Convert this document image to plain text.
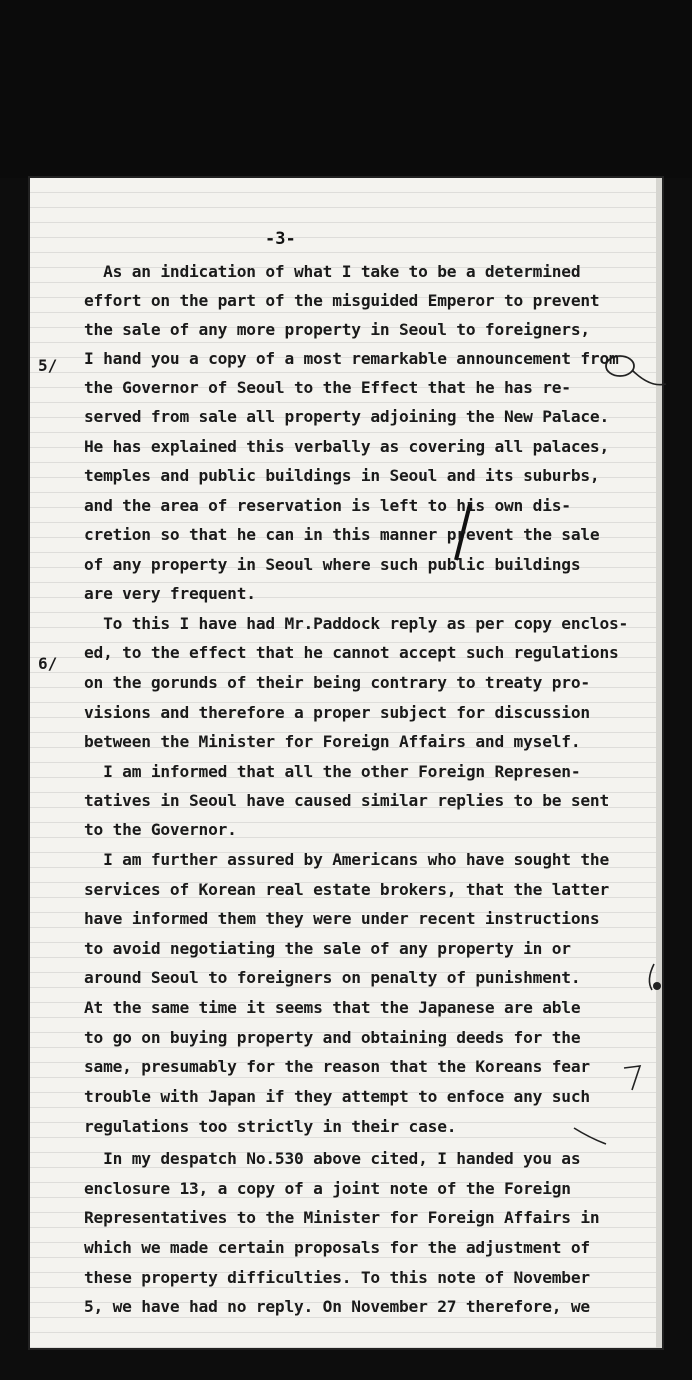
-3-
5/
6/
As an indication of what I take to be a determined
effort on the part of the misguided Emperor to prevent
the sale of any more property in Seoul to foreigners,
I hand you a copy of a most remarkable announcement from
the Governor of Seoul to the Effect that he has re-
served from sale all property adjoining the New Palace.
He has explained this verbally as covering all palaces,
temples and public buildings in Seoul and its suburbs,
and the area of reservation is left to his own dis-
cretion so that he can in this manner prevent the sale
of any property in Seoul where such public buildings
are very frequent.
To this I have had Mr.Paddock reply as per copy enclos-
ed, to the effect that he cannot accept such regulations
on the gorunds of their being contrary to treaty pro-
visions and therefore a proper subject for discussion
between the Minister for Foreign Affairs and myself.
I am informed that all the other Foreign Represen-
tatives in Seoul have caused similar replies to be sent
to the Governor.
I am further assured by Americans who have sought the
services of Korean real estate brokers, that the latter
have informed them they were under recent instructions
to avoid negotiating the sale of any property in or
around Seoul to foreigners on penalty of punishment.
At the same time it seems that the Japanese are able
to go on buying property and obtaining deeds for the
same, presumably for the reason that the Koreans fear
trouble with Japan if they attempt to enfoce any such
regulations too strictly in their case.
In my despatch No.530 above cited, I handed you as
enclosure 13, a copy of a joint note of the Foreign
Representatives to the Minister for Foreign Affairs in
which we made certain proposals for the adjustment of
these property difficulties. To this note of November
5, we have had no reply. On November 27 therefore, we
